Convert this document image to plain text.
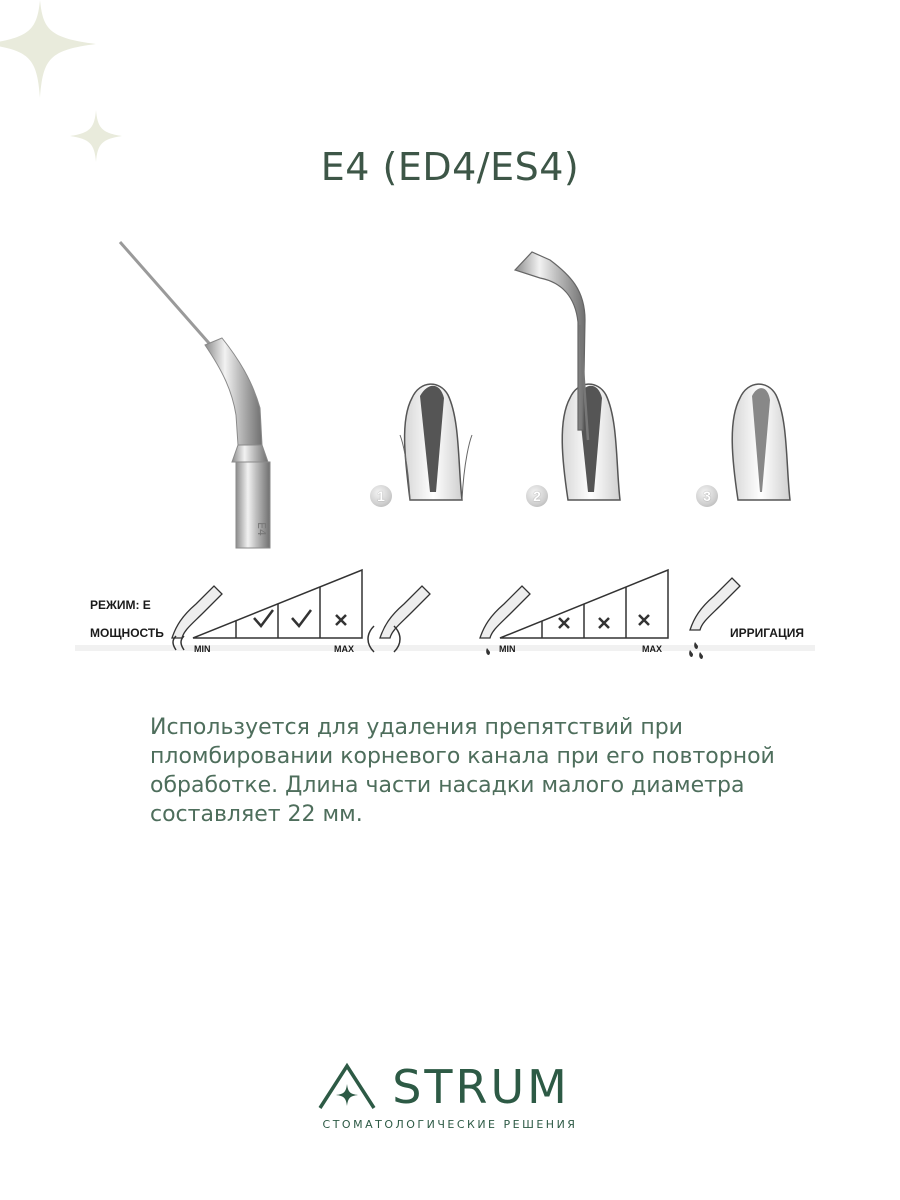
E4 (ED4/ES4)
E4
1	2	3
РЕЖИМ: Е
МОЩНОСТЬ
MIN	MAX	MIN	MAX
ИРРИГАЦИЯ
Используется для удаления препятствий при пломбировании корневого канала при его повторной обработке. Длина части насадки малого диаметра составляет 22 мм.
STRUM
СТОМАТОЛОГИЧЕСКИЕ РЕШЕНИЯ
